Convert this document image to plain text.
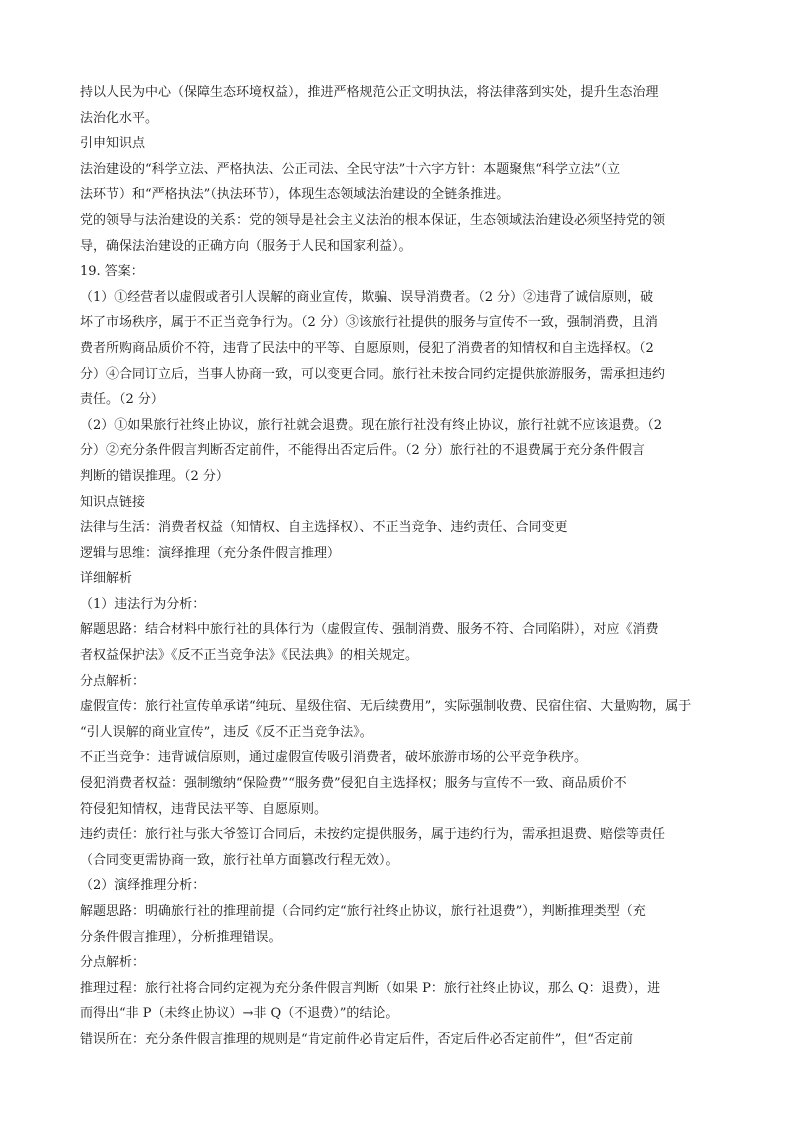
持以人民为中心（保障生态环境权益），推进严格规范公正文明执法，将法律落到实处，提升生态治理
法治化水平。
引申知识点
法治建设的“科学立法、严格执法、公正司法、全民守法”十六字方针：本题聚焦“科学立法”（立
法环节）和“严格执法”（执法环节），体现生态领域法治建设的全链条推进。
党的领导与法治建设的关系：党的领导是社会主义法治的根本保证，生态领域法治建设必须坚持党的领
导，确保法治建设的正确方向（服务于人民和国家利益）。
19. 答案：
（1）①经营者以虚假或者引人误解的商业宣传，欺骗、误导消费者。（2 分）②违背了诚信原则，破
坏了市场秩序，属于不正当竞争行为。（2 分）③该旅行社提供的服务与宣传不一致，强制消费，且消
费者所购商品质价不符，违背了民法中的平等、自愿原则，侵犯了消费者的知情权和自主选择权。（2
分）④合同订立后，当事人协商一致，可以变更合同。旅行社未按合同约定提供旅游服务，需承担违约
责任。（2 分）
（2）①如果旅行社终止协议，旅行社就会退费。现在旅行社没有终止协议，旅行社就不应该退费。（2
分）②充分条件假言判断否定前件，不能得出否定后件。（2 分）旅行社的不退费属于充分条件假言
判断的错误推理。（2 分）
知识点链接
法律与生活：消费者权益（知情权、自主选择权）、不正当竞争、违约责任、合同变更
逻辑与思维：演绎推理（充分条件假言推理）
详细解析
（1）违法行为分析：
解题思路：结合材料中旅行社的具体行为（虚假宣传、强制消费、服务不符、合同陷阱），对应《消费
者权益保护法》《反不正当竞争法》《民法典》的相关规定。
分点解析：
虚假宣传：旅行社宣传单承诺“纯玩、星级住宿、无后续费用”，实际强制收费、民宿住宿、大量购物，属于
“引人误解的商业宣传”，违反《反不正当竞争法》。
不正当竞争：违背诚信原则，通过虚假宣传吸引消费者，破坏旅游市场的公平竞争秩序。
侵犯消费者权益：强制缴纳“保险费”“服务费”侵犯自主选择权；服务与宣传不一致、商品质价不
符侵犯知情权，违背民法平等、自愿原则。
违约责任：旅行社与张大爷签订合同后，未按约定提供服务，属于违约行为，需承担退费、赔偿等责任
（合同变更需协商一致，旅行社单方面篡改行程无效）。
（2）演绎推理分析：
解题思路：明确旅行社的推理前提（合同约定“旅行社终止协议，旅行社退费”），判断推理类型（充
分条件假言推理），分析推理错误。
分点解析：
推理过程：旅行社将合同约定视为充分条件假言判断（如果 P：旅行社终止协议，那么 Q：退费），进
而得出“非 P（未终止协议）→非 Q（不退费）”的结论。
错误所在：充分条件假言推理的规则是“肯定前件必肯定后件，否定后件必否定前件”，但“否定前
